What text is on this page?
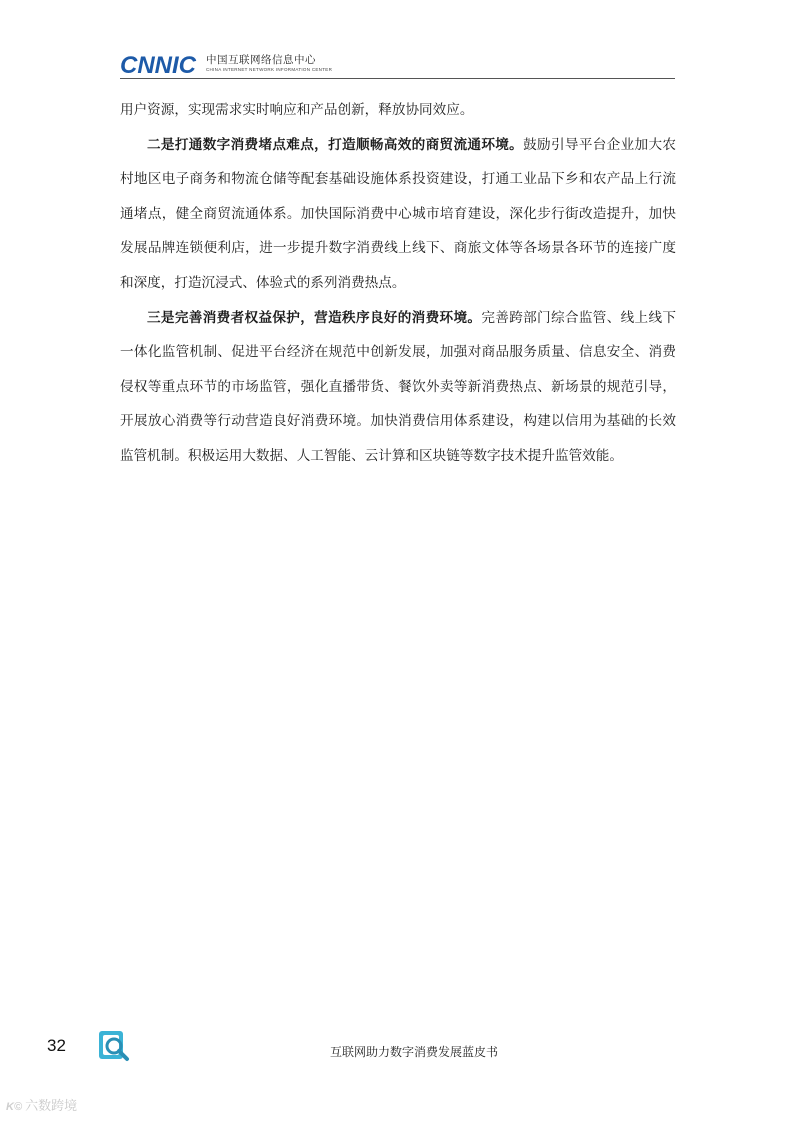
CNNIC 中国互联网络信息中心
CHINA INTERNET NETWORK INFORMATION CENTER

用户资源，实现需求实时响应和产品创新，释放协同效应。

二是打通数字消费堵点难点，打造顺畅高效的商贸流通环境。鼓励引导平台企业加大农村地区电子商务和物流仓储等配套基础设施体系投资建设，打通工业品下乡和农产品上行流通堵点，健全商贸流通体系。加快国际消费中心城市培育建设，深化步行街改造提升，加快发展品牌连锁便利店，进一步提升数字消费线上线下、商旅文体等各场景各环节的连接广度和深度，打造沉浸式、体验式的系列消费热点。

三是完善消费者权益保护，营造秩序良好的消费环境。完善跨部门综合监管、线上线下一体化监管机制、促进平台经济在规范中创新发展，加强对商品服务质量、信息安全、消费侵权等重点环节的市场监管，强化直播带货、餐饮外卖等新消费热点、新场景的规范引导，开展放心消费等行动营造良好消费环境。加快消费信用体系建设，构建以信用为基础的长效监管机制。积极运用大数据、人工智能、云计算和区块链等数字技术提升监管效能。

32	互联网助力数字消费发展蓝皮书
K© 六数跨境
